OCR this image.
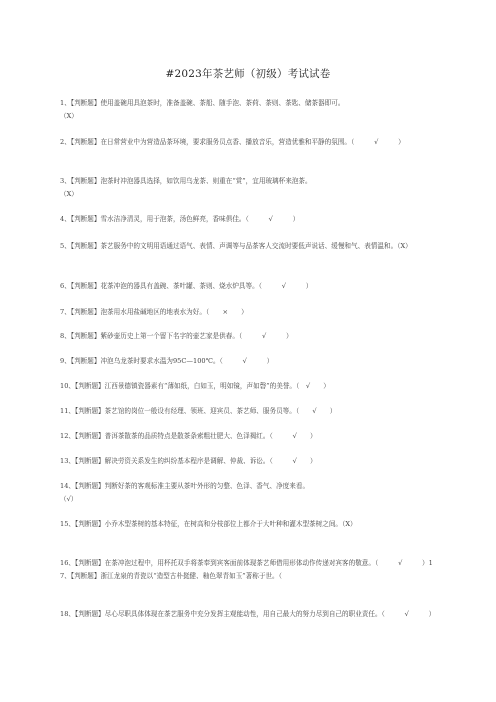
#2023年茶艺师（初级）考试试卷
1、【判断题】使用盖碗用具泡茶时，准备盖碗、茶船、随手泡、茶荷、茶则、茶匙、储茶器即可。
（X）
2、【判断题】在日常营业中为营造品茶环境，要求服务员点香、播放音乐，营造优雅和平静的氛围。（　　　√　　　）
3、【判断题】泡茶时冲泡器具选择，如饮用乌龙茶、则重在“赏”，宜用玻璃杯来泡茶。
（X）
4、【判断题】雪水洁净清灵，用于泡茶，汤色鲜亮，香味俱佳。（　　　√　　　）
5、【判断题】茶艺服务中的文明用语通过语气、表情、声调等与品茶客人交流时要低声说话、缓慢和气、表情温和。（X）
6、【判断题】花茶冲泡的器具有盖碗、茶叶罐、茶则、烧水炉具等。（　　　√　　　）
7、【判断题】泡茶用水用盐碱地区的地表水为好。（　　×　　）
8、【判断题】紫砂壶历史上第一个留下名字的壶艺家是供春。（　　　√　　　）
9、【判断题】冲泡乌龙茶时要求水温为95C—100℃。（　　　√　　　）
10、【判断题】江西景德镇瓷器素有“薄如纸，白如玉，明如镜，声如磬”的美誉。（　√　　）
11、【判断题】茶艺馆的岗位一般设有经理、领班、迎宾员、茶艺师、服务员等。（　　√　　）
12、【判断题】普洱茶散茶的品质特点是散茶条索粗壮肥大、色泽褐红。（　　　√　　）
13、【判断题】解决劳资关系发生的纠纷基本程序是调解、仲裁、诉讼。（　　　√　　）
14、【判断题】判断好茶的客观标准主要从茶叶外形的匀整、色泽、香气、净度来看。
（√）
15、【判断题】小乔木型茶树的基本特征，在树高和分枝部位上都介于大叶种和灌木型茶树之间。（X）
16、【判断题】在茶冲泡过程中，用杯托双手将茶奉到宾客面前体现茶艺师借用形体动作传递对宾客的敬意。（　　　√　　　）17、【判断题】浙江龙泉的青瓷以“造型古朴挺健、釉色翠青如玉”著称于世。（
18、【判断题】尽心尽职具体体现在茶艺服务中充分发挥主观能动性，用自己最大的努力尽到自己的职业责任。（　　　√　　　）
